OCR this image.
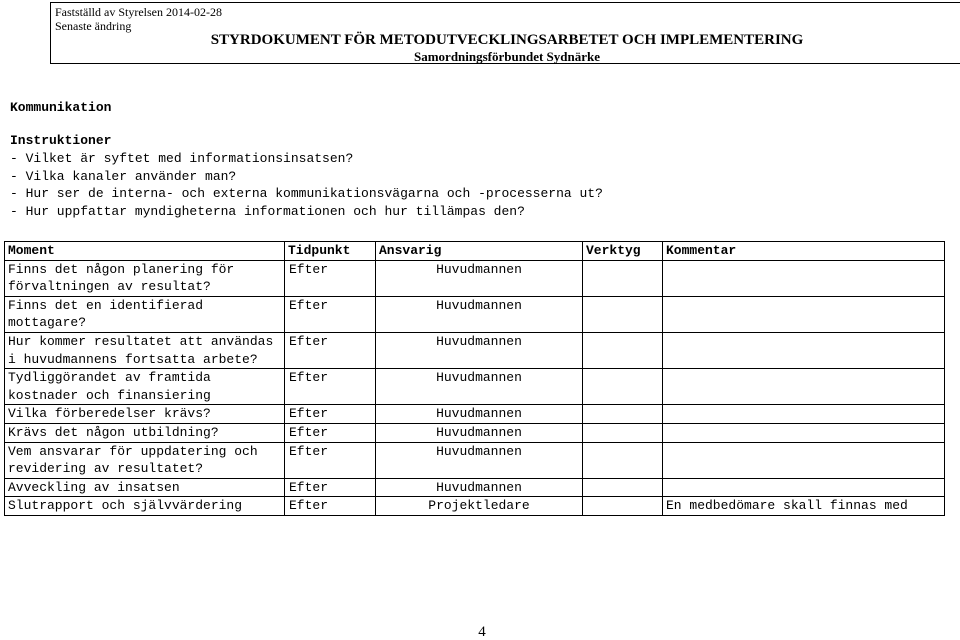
Fastställd av Styrelsen 2014-02-28
Senaste ändring
STYRDOKUMENT FÖR METODUTVECKLINGSARBETET OCH IMPLEMENTERING
Samordningsförbundet Sydnärke
Kommunikation
Instruktioner
- Vilket är syftet med informationsinsatsen?
- Vilka kanaler använder man?
- Hur ser de interna- och externa kommunikationsvägarna och -processerna ut?
- Hur uppfattar myndigheterna informationen och hur tillämpas den?
Moment	Tidpunkt	Ansvarig	Verktyg	Kommentar
Finns det någon planering för förvaltningen av resultat?	Efter	Huvudmannen		
Finns det en identifierad mottagare?	Efter	Huvudmannen		
Hur kommer resultatet att användas i huvudmannens fortsatta arbete?	Efter	Huvudmannen		
Tydliggörandet av framtida kostnader och finansiering	Efter	Huvudmannen		
Vilka förberedelser krävs?	Efter	Huvudmannen		
Krävs det någon utbildning?	Efter	Huvudmannen		
Vem ansvarar för uppdatering och revidering av resultatet?	Efter	Huvudmannen		
Avveckling av insatsen	Efter	Huvudmannen		
Slutrapport och självvärdering	Efter	Projektledare		En medbedömare skall finnas med
4
